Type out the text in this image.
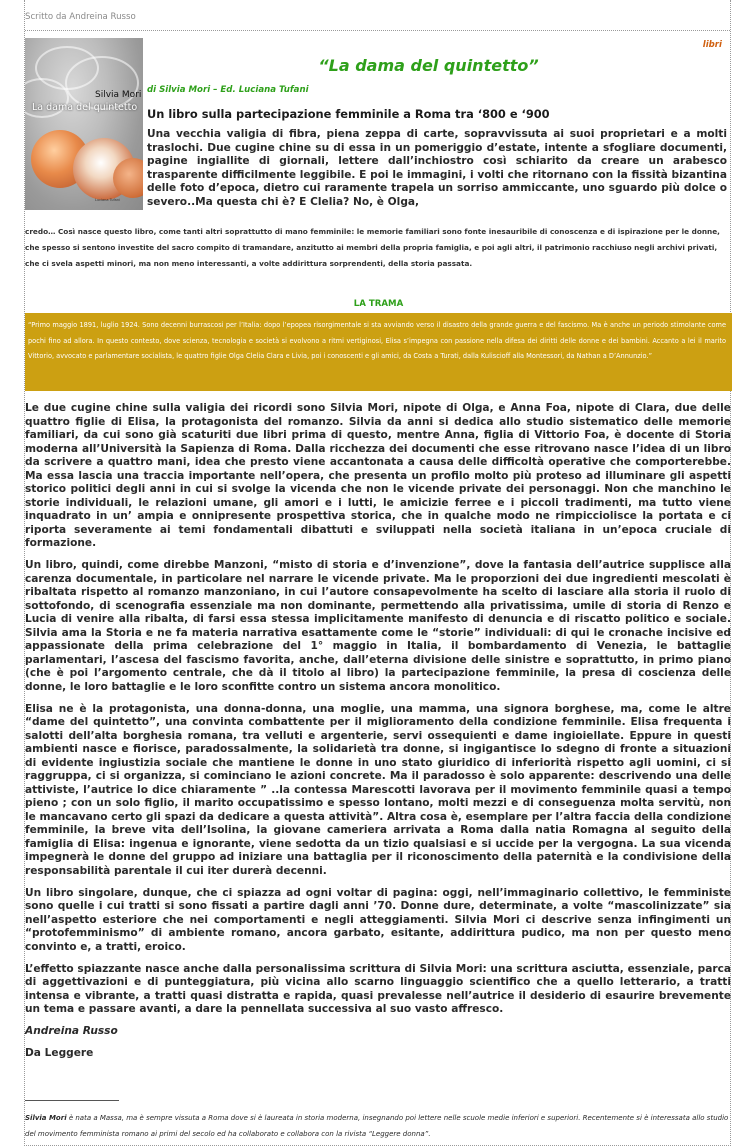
Scritto da Andreina Russo
libri
Silvia Mori
La dama del quintetto
Luciana Tufani
“La dama del quintetto”
di Silvia Mori – Ed. Luciana Tufani
Un libro sulla partecipazione femminile a Roma tra ‘800 e ‘900

Una vecchia valigia di fibra, piena zeppa di carte, sopravvissuta ai suoi proprietari e a molti traslochi. Due cugine chine su di essa in un pomeriggio d’estate, intente a sfogliare documenti, pagine ingiallite di giornali, lettere dall’inchiostro così schiarito da creare un arabesco trasparente difficilmente leggibile. E poi le immagini, i volti che ritornano con la fissità bizantina delle foto d’epoca, dietro cui raramente trapela un sorriso ammiccante, uno sguardo più dolce o severo..Ma questa chi è? E Clelia? No, è Olga,

credo… Così nasce questo libro, come tanti altri soprattutto di mano femminile: le memorie familiari sono fonte inesauribile di conoscenza e di ispirazione per le donne, che spesso si sentono investite del sacro compito di tramandare, anzitutto ai membri della propria famiglia, e poi agli altri, il patrimonio racchiuso negli archivi privati, che ci svela aspetti minori, ma non meno interessanti, a volte addirittura sorprendenti, della storia passata.

LA TRAMA

“Primo maggio 1891, luglio 1924. Sono decenni burrascosi per l’Italia: dopo l’epopea risorgimentale si sta avviando verso il disastro della grande guerra e del fascismo. Ma è anche un periodo stimolante come pochi fino ad allora. In questo contesto, dove scienza, tecnologia e società si evolvono a ritmi vertiginosi, Elisa s’impegna con passione nella difesa dei diritti delle donne e dei bambini. Accanto a lei il marito Vittorio, avvocato e parlamentare socialista, le quattro figlie Olga Clelia Clara e Livia, poi i conoscenti e gli amici, da Costa a Turati, dalla Kuliscioff alla Montessori, da Nathan a D’Annunzio.”

Le due cugine chine sulla valigia dei ricordi sono Silvia Mori, nipote di Olga, e Anna Foa, nipote di Clara, due delle quattro figlie di Elisa, la protagonista del romanzo. Silvia da anni si dedica allo studio sistematico delle memorie familiari, da cui sono già scaturiti due libri prima di questo, mentre Anna, figlia di Vittorio Foa, è docente di Storia moderna all’Università la Sapienza di Roma. Dalla ricchezza dei documenti che esse ritrovano nasce l’idea di un libro da scrivere a quattro mani, idea che presto viene accantonata a causa delle difficoltà operative che comporterebbe. Ma essa lascia una traccia importante nell’opera, che presenta un profilo molto più proteso ad illuminare gli aspetti storico politici degli anni in cui si svolge la vicenda che non le vicende private dei personaggi. Non che manchino le storie individuali, le relazioni umane, gli amori e i lutti, le amicizie ferree e i piccoli tradimenti, ma tutto viene inquadrato in un’ ampia e onnipresente prospettiva storica, che in qualche modo ne rimpicciolisce la portata e ci riporta severamente ai temi fondamentali dibattuti e sviluppati nella società italiana in un’epoca cruciale di formazione.

Un libro, quindi, come direbbe Manzoni, “misto di storia e d’invenzione”, dove la fantasia dell’autrice supplisce alla carenza documentale, in particolare nel narrare le vicende private. Ma le proporzioni dei due ingredienti mescolati è ribaltata rispetto al romanzo manzoniano, in cui l’autore consapevolmente ha scelto di lasciare alla storia il ruolo di sottofondo, di scenografia essenziale ma non dominante, permettendo alla privatissima, umile di storia di Renzo e Lucia di venire alla ribalta, di farsi essa stessa implicitamente manifesto di denuncia e di riscatto politico e sociale. Silvia ama la Storia e ne fa materia narrativa esattamente come le “storie” individuali: di qui le cronache incisive ed appassionate della prima celebrazione del 1° maggio in Italia, il bombardamento di Venezia, le battaglie parlamentari, l’ascesa del fascismo favorita, anche, dall’eterna divisione delle sinistre e soprattutto, in primo piano (che è poi l’argomento centrale, che dà il titolo al libro) la partecipazione femminile, la presa di coscienza delle donne, le loro battaglie e le loro sconfitte contro un sistema ancora monolitico.

Elisa ne è la protagonista, una donna-donna, una moglie, una mamma, una signora borghese, ma, come le altre “dame del quintetto”, una convinta combattente per il miglioramento della condizione femminile. Elisa frequenta i salotti dell’alta borghesia romana, tra velluti e argenterie, servi ossequienti e dame ingioiellate. Eppure in questi ambienti nasce e fiorisce, paradossalmente, la solidarietà tra donne, si ingigantisce lo sdegno di fronte a situazioni di evidente ingiustizia sociale che mantiene le donne in uno stato giuridico di inferiorità rispetto agli uomini, ci si raggruppa, ci si organizza, si cominciano le azioni concrete. Ma il paradosso è solo apparente: descrivendo una delle attiviste, l’autrice lo dice chiaramente ” ..la contessa Marescotti lavorava per il movimento femminile quasi a tempo pieno ; con un solo figlio, il marito occupatissimo e spesso lontano, molti mezzi e di conseguenza molta servitù, non le mancavano certo gli spazi da dedicare a questa attività”. Altra cosa è, esemplare per l’altra faccia della condizione femminile, la breve vita dell’Isolina, la giovane cameriera arrivata a Roma dalla natia Romagna al seguito della famiglia di Elisa: ingenua e ignorante, viene sedotta da un tizio qualsiasi e si uccide per la vergogna. La sua vicenda impegnerà le donne del gruppo ad iniziare una battaglia per il riconoscimento della paternità e la condivisione della responsabilità parentale il cui iter durerà decenni.

Un libro singolare, dunque, che ci spiazza ad ogni voltar di pagina: oggi, nell’immaginario collettivo, le femministe sono quelle i cui tratti si sono fissati a partire dagli anni ’70. Donne dure, determinate, a volte “mascolinizzate” sia nell’aspetto esteriore che nei comportamenti e negli atteggiamenti. Silvia Mori ci descrive senza infingimenti un “protofemminismo” di ambiente romano, ancora garbato, esitante, addirittura pudico, ma non per questo meno convinto e, a tratti, eroico.

L’effetto spiazzante nasce anche dalla personalissima scrittura di Silvia Mori: una scrittura asciutta, essenziale, parca di aggettivazioni e di punteggiatura, più vicina allo scarno linguaggio scientifico che a quello letterario, a tratti intensa e vibrante, a tratti quasi distratta e rapida, quasi prevalesse nell’autrice il desiderio di esaurire brevemente un tema e passare avanti, a dare la pennellata successiva al suo vasto affresco.

Andreina Russo
Da Leggere

Silvia Mori è nata a Massa, ma è sempre vissuta a Roma dove si è laureata in storia moderna, insegnando poi lettere nelle scuole medie inferiori e superiori. Recentemente si è interessata allo studio del movimento femminista romano ai primi del secolo ed ha collaborato e collabora con la rivista “Leggere donna”.
